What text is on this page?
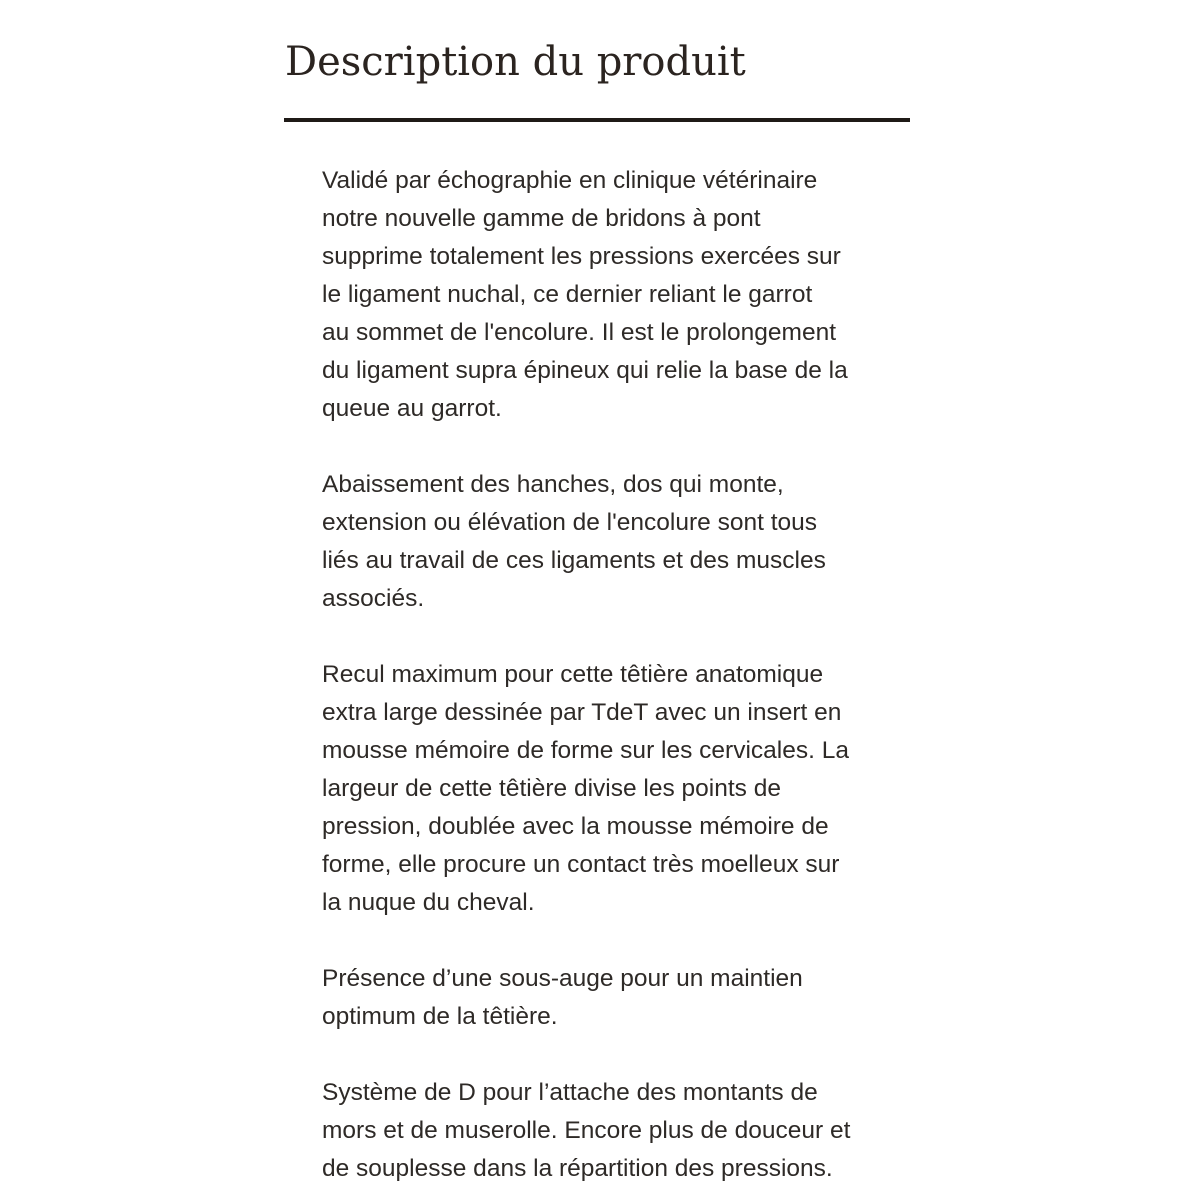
Description du produit

Validé par échographie en clinique vétérinaire
notre nouvelle gamme de bridons à pont
supprime totalement les pressions exercées sur
le ligament nuchal, ce dernier reliant le garrot
au sommet de l'encolure. Il est le prolongement
du ligament supra épineux qui relie la base de la
queue au garrot.

Abaissement des hanches, dos qui monte,
extension ou élévation de l'encolure sont tous
liés au travail de ces ligaments et des muscles
associés.

Recul maximum pour cette têtière anatomique
extra large dessinée par TdeT avec un insert en
mousse mémoire de forme sur les cervicales. La
largeur de cette têtière divise les points de
pression, doublée avec la mousse mémoire de
forme, elle procure un contact très moelleux sur
la nuque du cheval.

Présence d’une sous-auge pour un maintien
optimum de la têtière.

Système de D pour l’attache des montants de
mors et de muserolle. Encore plus de douceur et
de souplesse dans la répartition des pressions.
